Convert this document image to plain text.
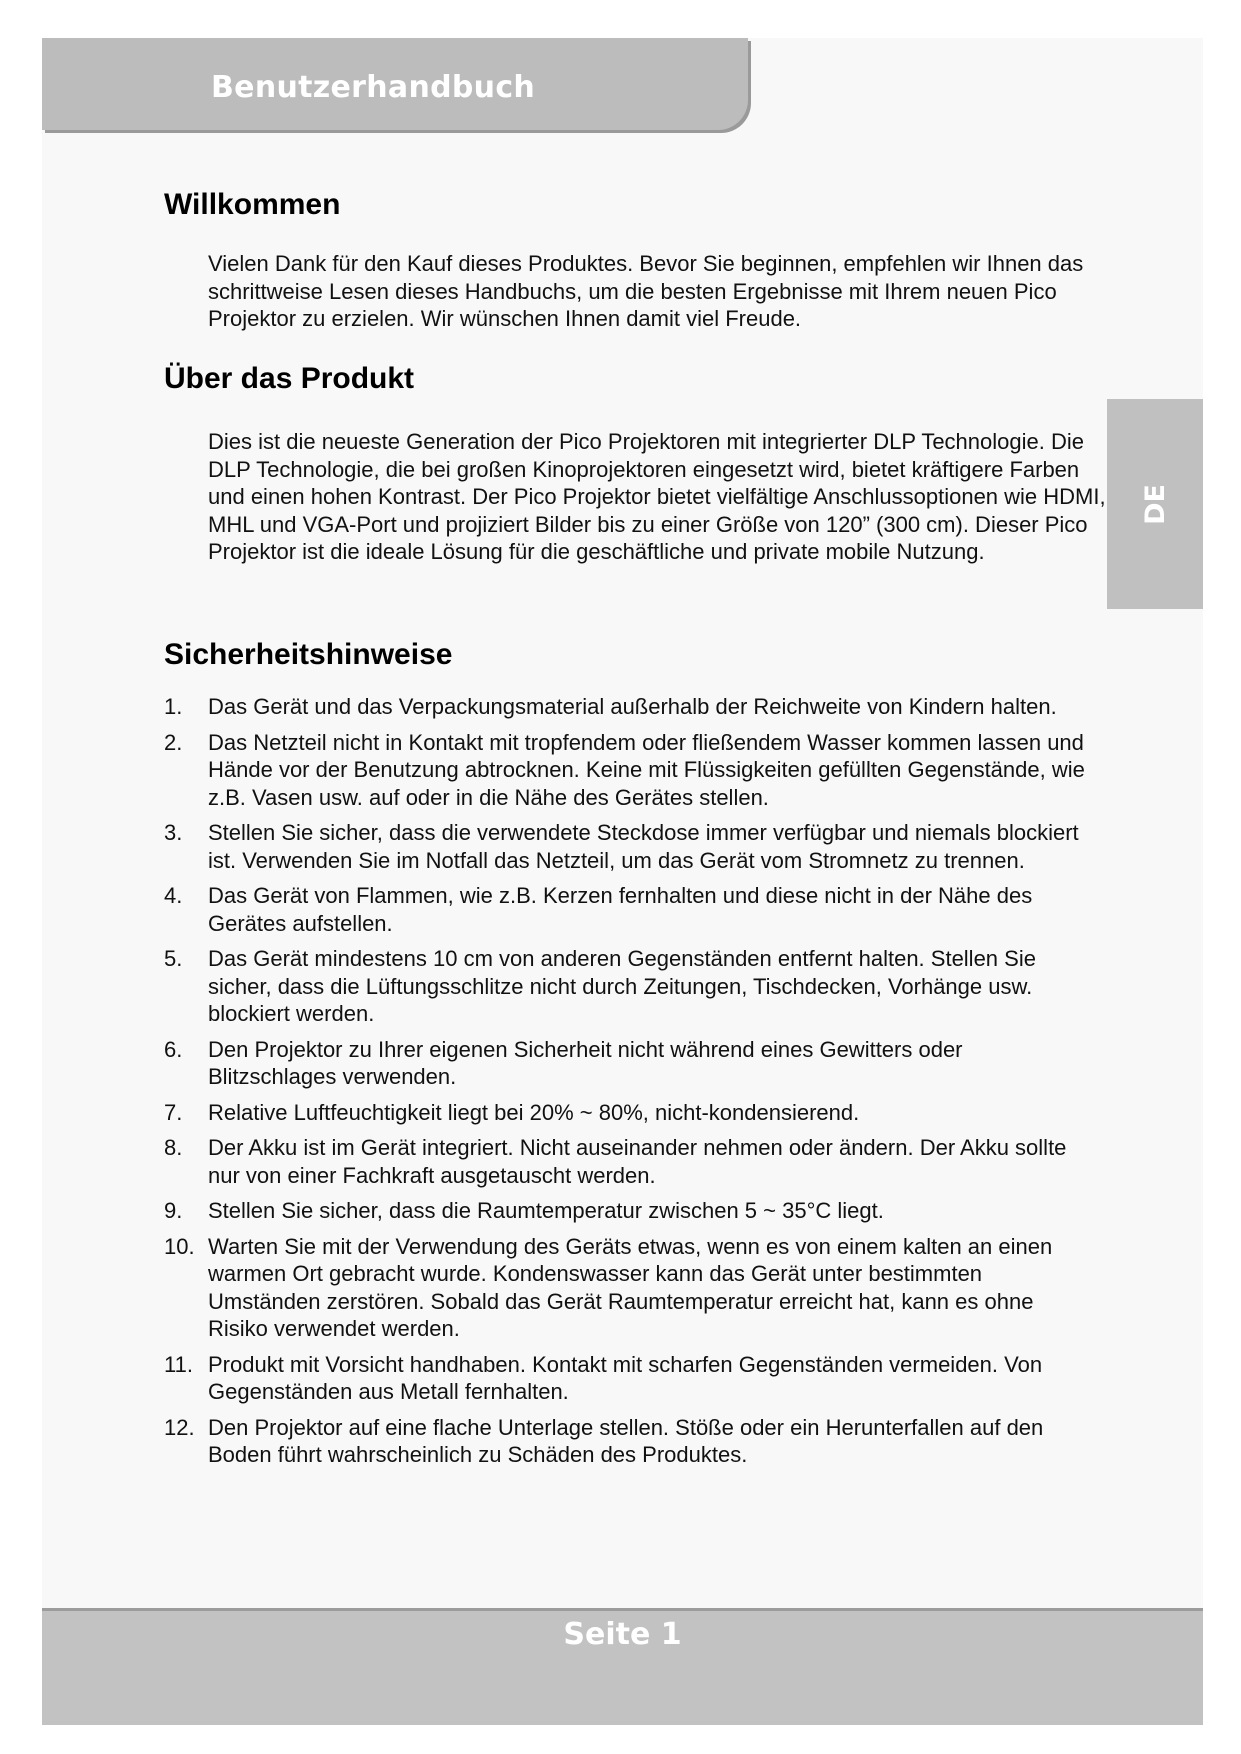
Benutzerhandbuch
DE
Willkommen

Vielen Dank für den Kauf dieses Produktes. Bevor Sie beginnen, empfehlen wir Ihnen das schrittweise Lesen dieses Handbuchs, um die besten Ergebnisse mit Ihrem neuen Pico Projektor zu erzielen. Wir wünschen Ihnen damit viel Freude.

Über das Produkt

Dies ist die neueste Generation der Pico Projektoren mit integrierter DLP Technologie. Die DLP Technologie, die bei großen Kinoprojektoren eingesetzt wird, bietet kräftigere Farben und einen hohen Kontrast. Der Pico Projektor bietet vielfältige Anschlussoptionen wie HDMI, MHL und VGA-Port und projiziert Bilder bis zu einer Größe von 120” (300 cm). Dieser Pico Projektor ist die ideale Lösung für die geschäftliche und private mobile Nutzung.

Sicherheitshinweise
1. Das Gerät und das Verpackungsmaterial außerhalb der Reichweite von Kindern halten.
2. Das Netzteil nicht in Kontakt mit tropfendem oder fließendem Wasser kommen lassen und Hände vor der Benutzung abtrocknen. Keine mit Flüssigkeiten gefüllten Gegenstände, wie z.B. Vasen usw. auf oder in die Nähe des Gerätes stellen.
3. Stellen Sie sicher, dass die verwendete Steckdose immer verfügbar und niemals blockiert ist. Verwenden Sie im Notfall das Netzteil, um das Gerät vom Stromnetz zu trennen.
4. Das Gerät von Flammen, wie z.B. Kerzen fernhalten und diese nicht in der Nähe des Gerätes aufstellen.
5. Das Gerät mindestens 10 cm von anderen Gegenständen entfernt halten. Stellen Sie sicher, dass die Lüftungsschlitze nicht durch Zeitungen, Tischdecken, Vorhänge usw. blockiert werden.
6. Den Projektor zu Ihrer eigenen Sicherheit nicht während eines Gewitters oder Blitzschlages verwenden.
7. Relative Luftfeuchtigkeit liegt bei 20% ~ 80%, nicht-kondensierend.
8. Der Akku ist im Gerät integriert. Nicht auseinander nehmen oder ändern. Der Akku sollte nur von einer Fachkraft ausgetauscht werden.
9. Stellen Sie sicher, dass die Raumtemperatur zwischen 5 ~ 35°C liegt.
10. Warten Sie mit der Verwendung des Geräts etwas, wenn es von einem kalten an einen warmen Ort gebracht wurde. Kondenswasser kann das Gerät unter bestimmten Umständen zerstören. Sobald das Gerät Raumtemperatur erreicht hat, kann es ohne Risiko verwendet werden.
11. Produkt mit Vorsicht handhaben. Kontakt mit scharfen Gegenständen vermeiden. Von Gegenständen aus Metall fernhalten.
12. Den Projektor auf eine flache Unterlage stellen. Stöße oder ein Herunterfallen auf den Boden führt wahrscheinlich zu Schäden des Produktes.

Seite 1
